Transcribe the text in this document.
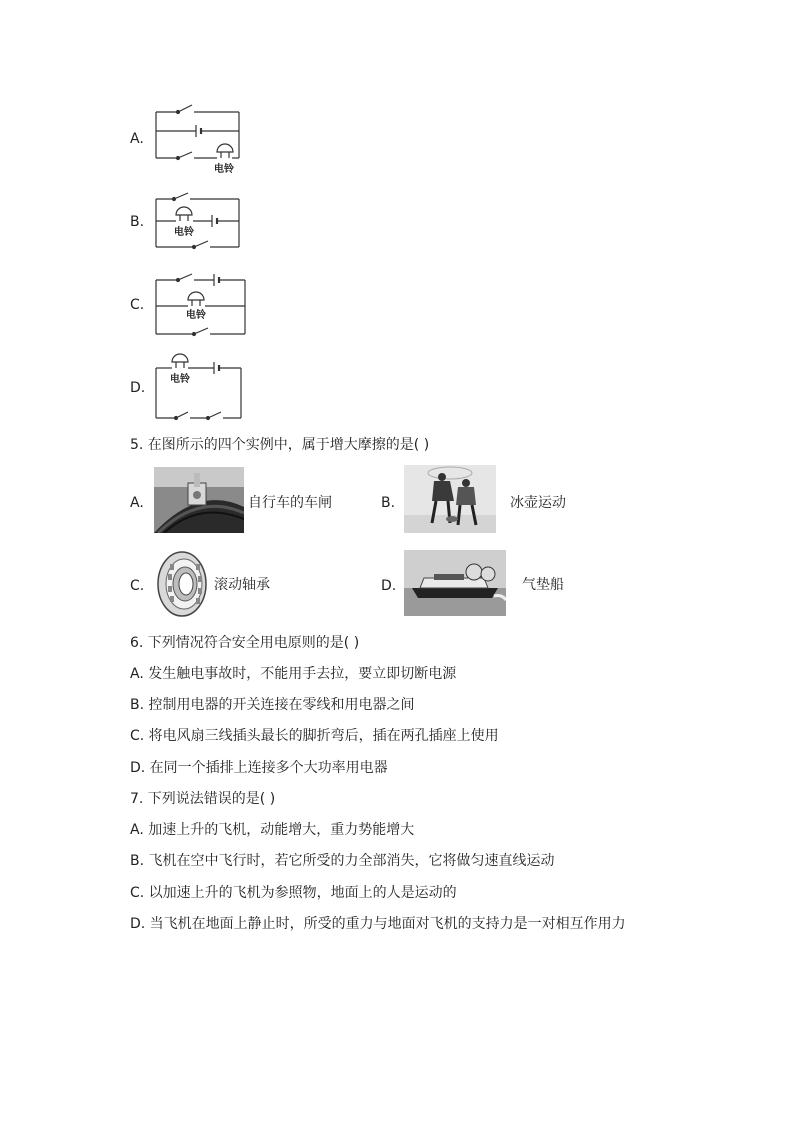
A.
电铃
B.
电铃
C.
电铃
D.
电铃
5. 在图所示的四个实例中，属于增大摩擦的是( )
A.	自行车的车闸	B.	冰壶运动
C.	滚动轴承	D.	气垫船
6. 下列情况符合安全用电原则的是( )
A. 发生触电事故时，不能用手去拉，要立即切断电源
B. 控制用电器的开关连接在零线和用电器之间
C. 将电风扇三线插头最长的脚折弯后，插在两孔插座上使用
D. 在同一个插排上连接多个大功率用电器
7. 下列说法错误的是( )
A. 加速上升的飞机，动能增大，重力势能增大
B. 飞机在空中飞行时，若它所受的力全部消失，它将做匀速直线运动
C. 以加速上升的飞机为参照物，地面上的人是运动的
D. 当飞机在地面上静止时，所受的重力与地面对飞机的支持力是一对相互作用力
